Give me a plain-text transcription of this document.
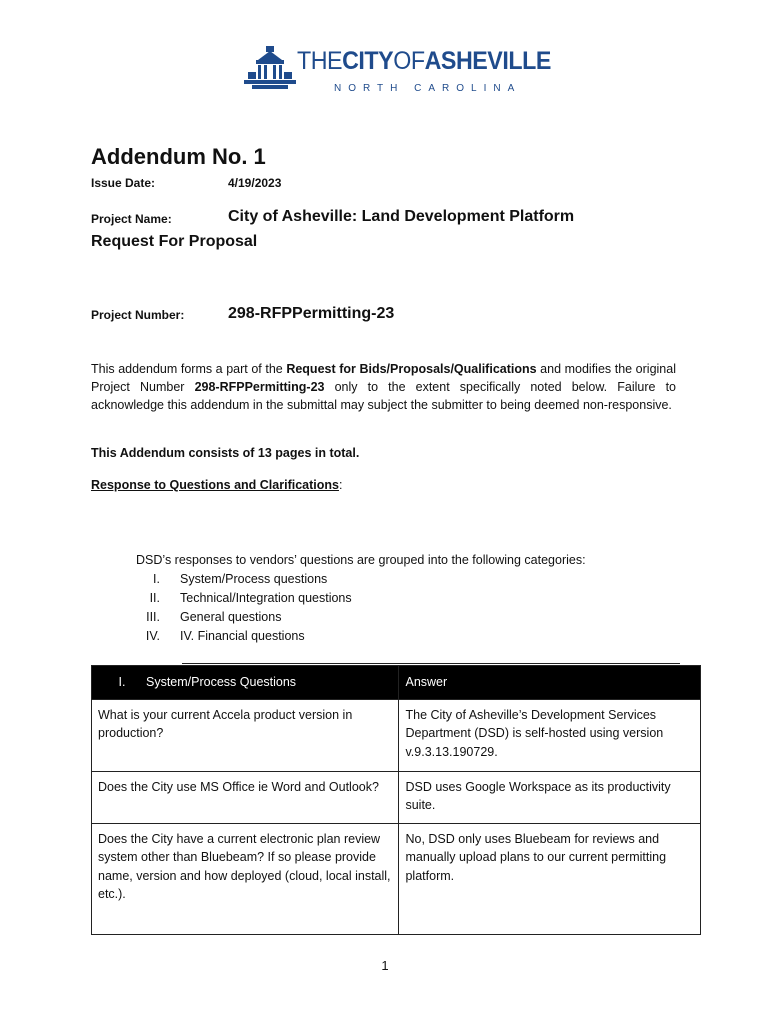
THECITYOFASHEVILLE
NORTH CAROLINA
Addendum No. 1
Issue Date:	4/19/2023
Project Name:	City of Asheville: Land Development Platform
Request For Proposal
Project Number:	298-RFPPermitting-23
This addendum forms a part of the Request for Bids/Proposals/Qualifications and modifies the original Project Number 298-RFPPermitting-23 only to the extent specifically noted below. Failure to acknowledge this addendum in the submittal may subject the submitter to being deemed non-responsive.
This Addendum consists of 13 pages in total.
Response to Questions and Clarifications:
DSD’s responses to vendors’ questions are grouped into the following categories:
I. System/Process questions
II. Technical/Integration questions
III. General questions
IV. IV. Financial questions
I. System/Process Questions	Answer
What is your current Accela product version in production?	The City of Asheville’s Development Services Department (DSD) is self-hosted using version v.9.3.13.190729.
Does the City use MS Office ie Word and Outlook?	DSD uses Google Workspace as its productivity suite.
Does the City have a current electronic plan review system other than Bluebeam? If so please provide name, version and how deployed (cloud, local install, etc.).	No, DSD only uses Bluebeam for reviews and manually upload plans to our current permitting platform.
1
